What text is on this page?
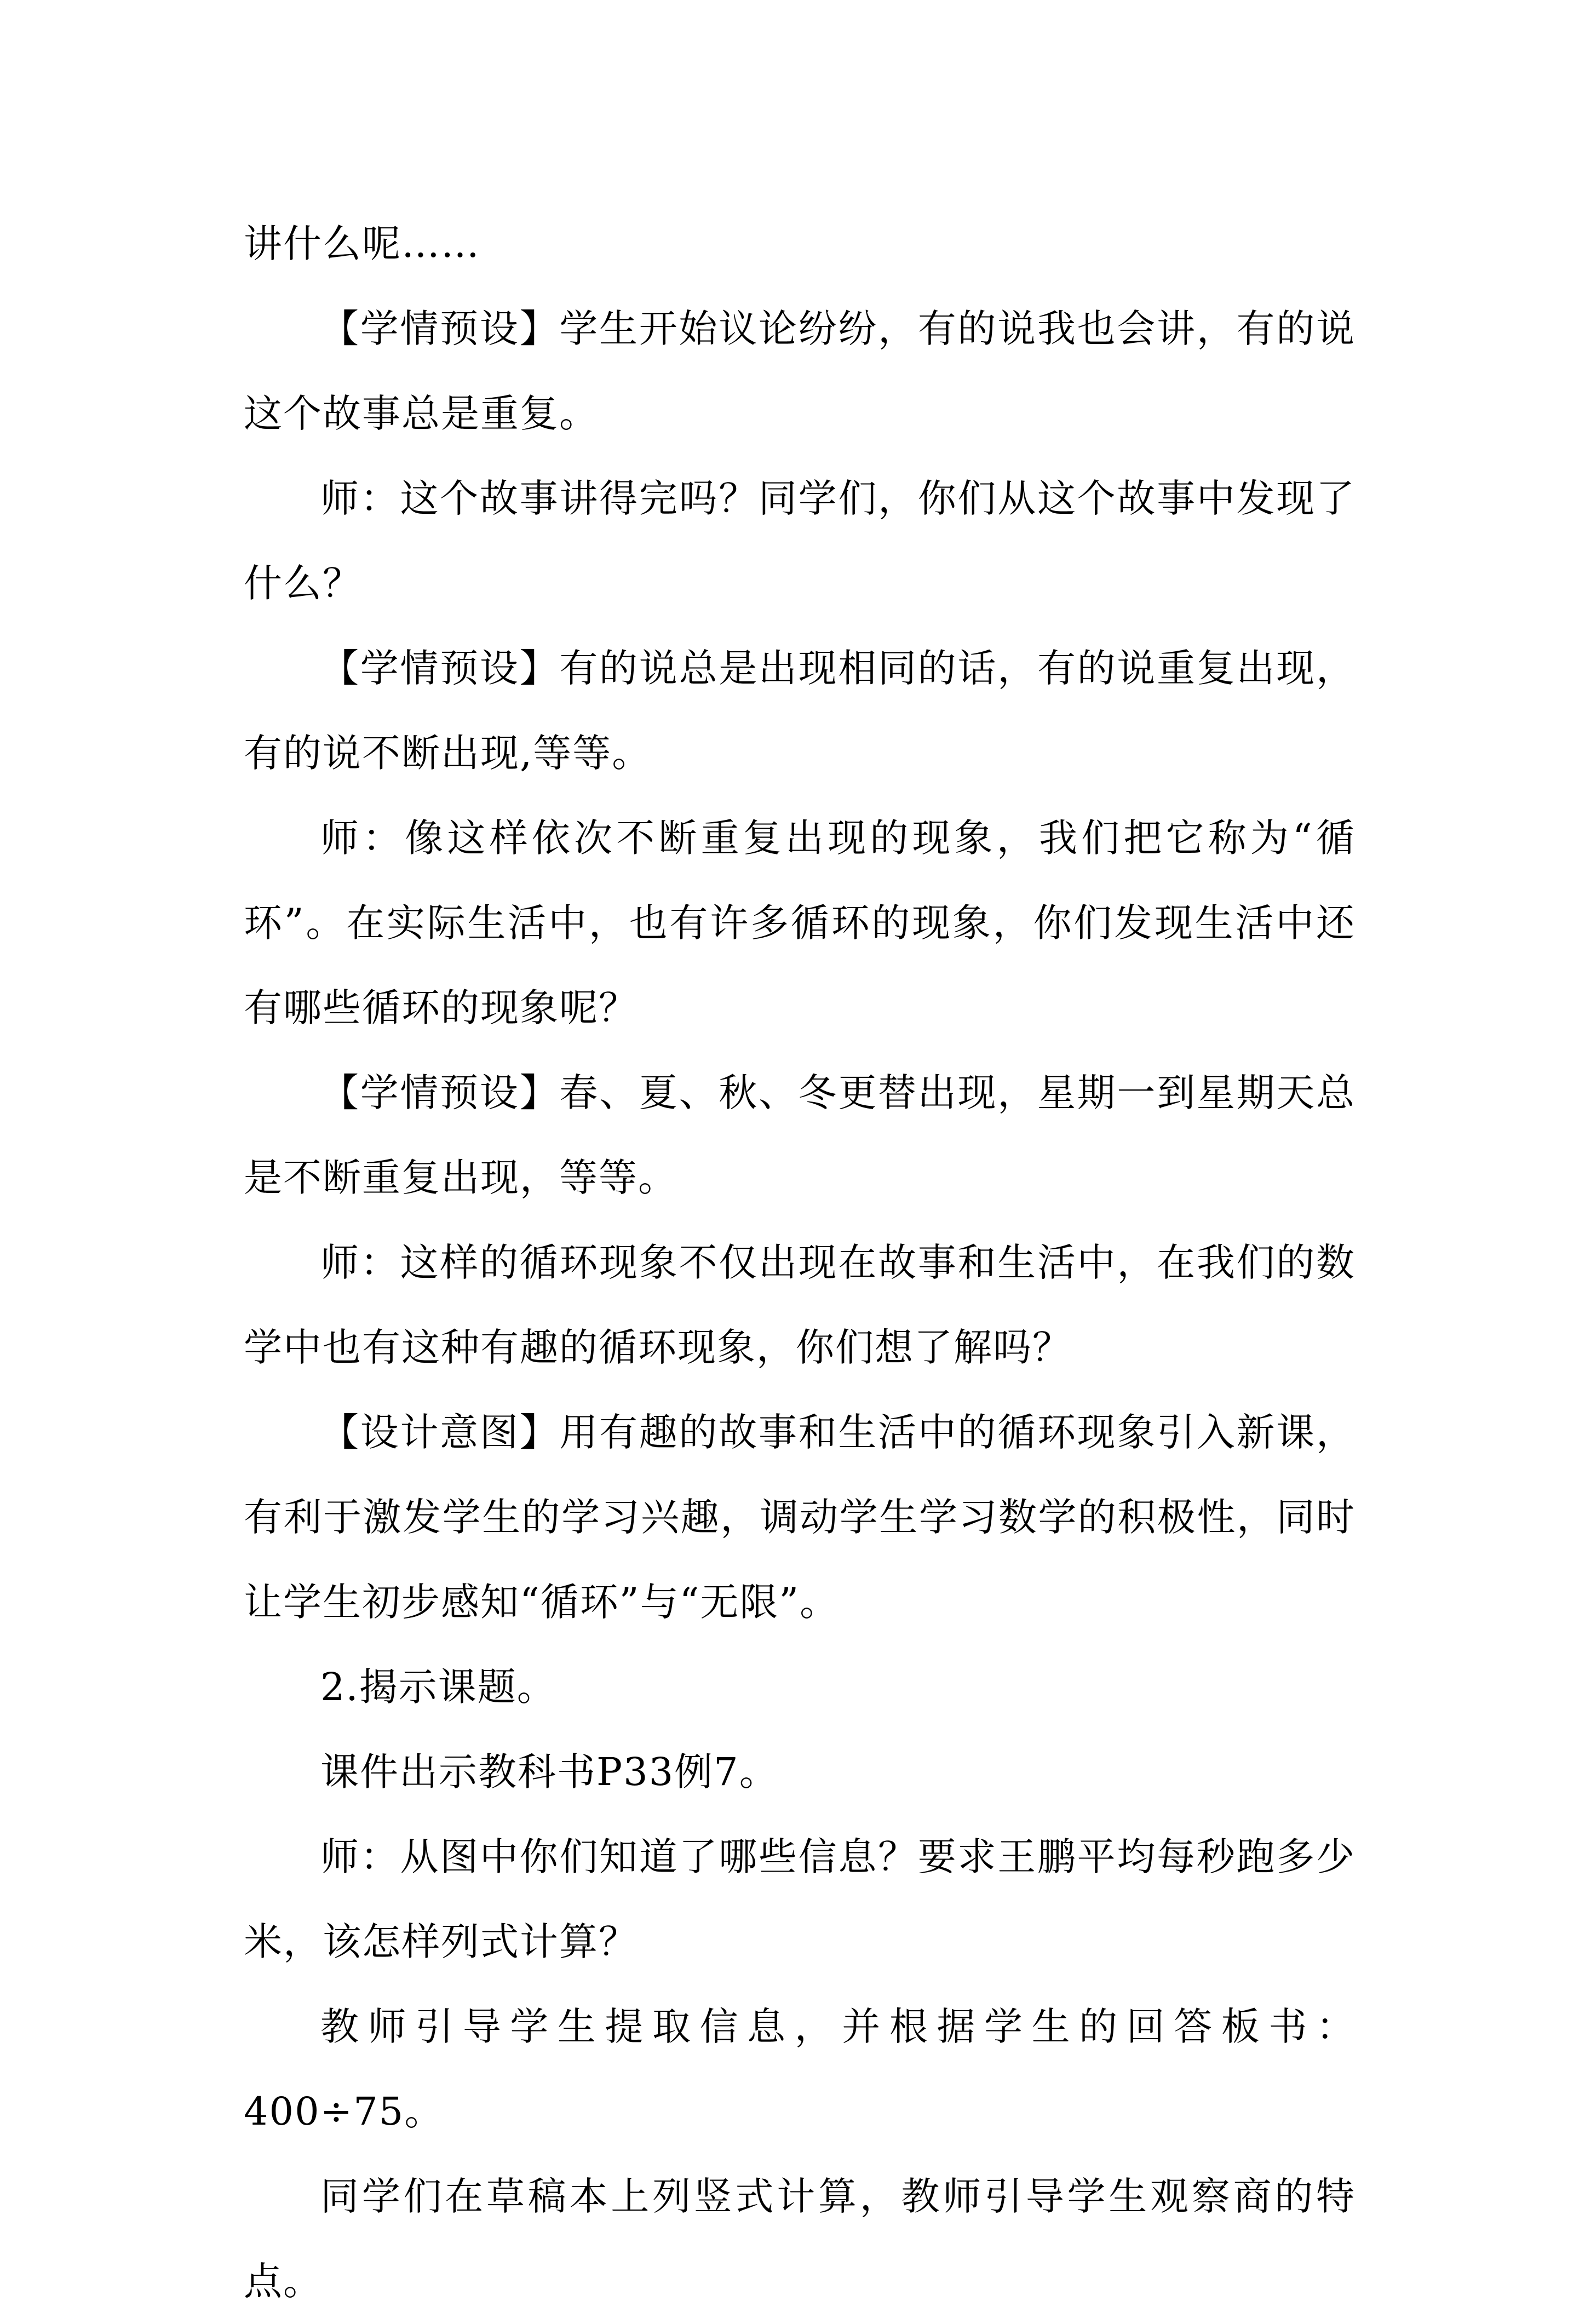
讲什么呢……

【学情预设】学生开始议论纷纷，有的说我也会讲，有的说这个故事总是重复。

师：这个故事讲得完吗？同学们，你们从这个故事中发现了什么？

【学情预设】有的说总是出现相同的话，有的说重复出现，有的说不断出现,等等。

师：像这样依次不断重复出现的现象，我们把它称为“循环”。在实际生活中，也有许多循环的现象，你们发现生活中还有哪些循环的现象呢？

【学情预设】春、夏、秋、冬更替出现，星期一到星期天总是不断重复出现，等等。

师：这样的循环现象不仅出现在故事和生活中，在我们的数学中也有这种有趣的循环现象，你们想了解吗？

【设计意图】用有趣的故事和生活中的循环现象引入新课，有利于激发学生的学习兴趣，调动学生学习数学的积极性，同时让学生初步感知“循环”与“无限”。

2.揭示课题。

课件出示教科书P33例7。

师：从图中你们知道了哪些信息？要求王鹏平均每秒跑多少米，该怎样列式计算？

教师引导学生提取信息，并根据学生的回答板书：400÷75。

同学们在草稿本上列竖式计算，教师引导学生观察商的特点。
